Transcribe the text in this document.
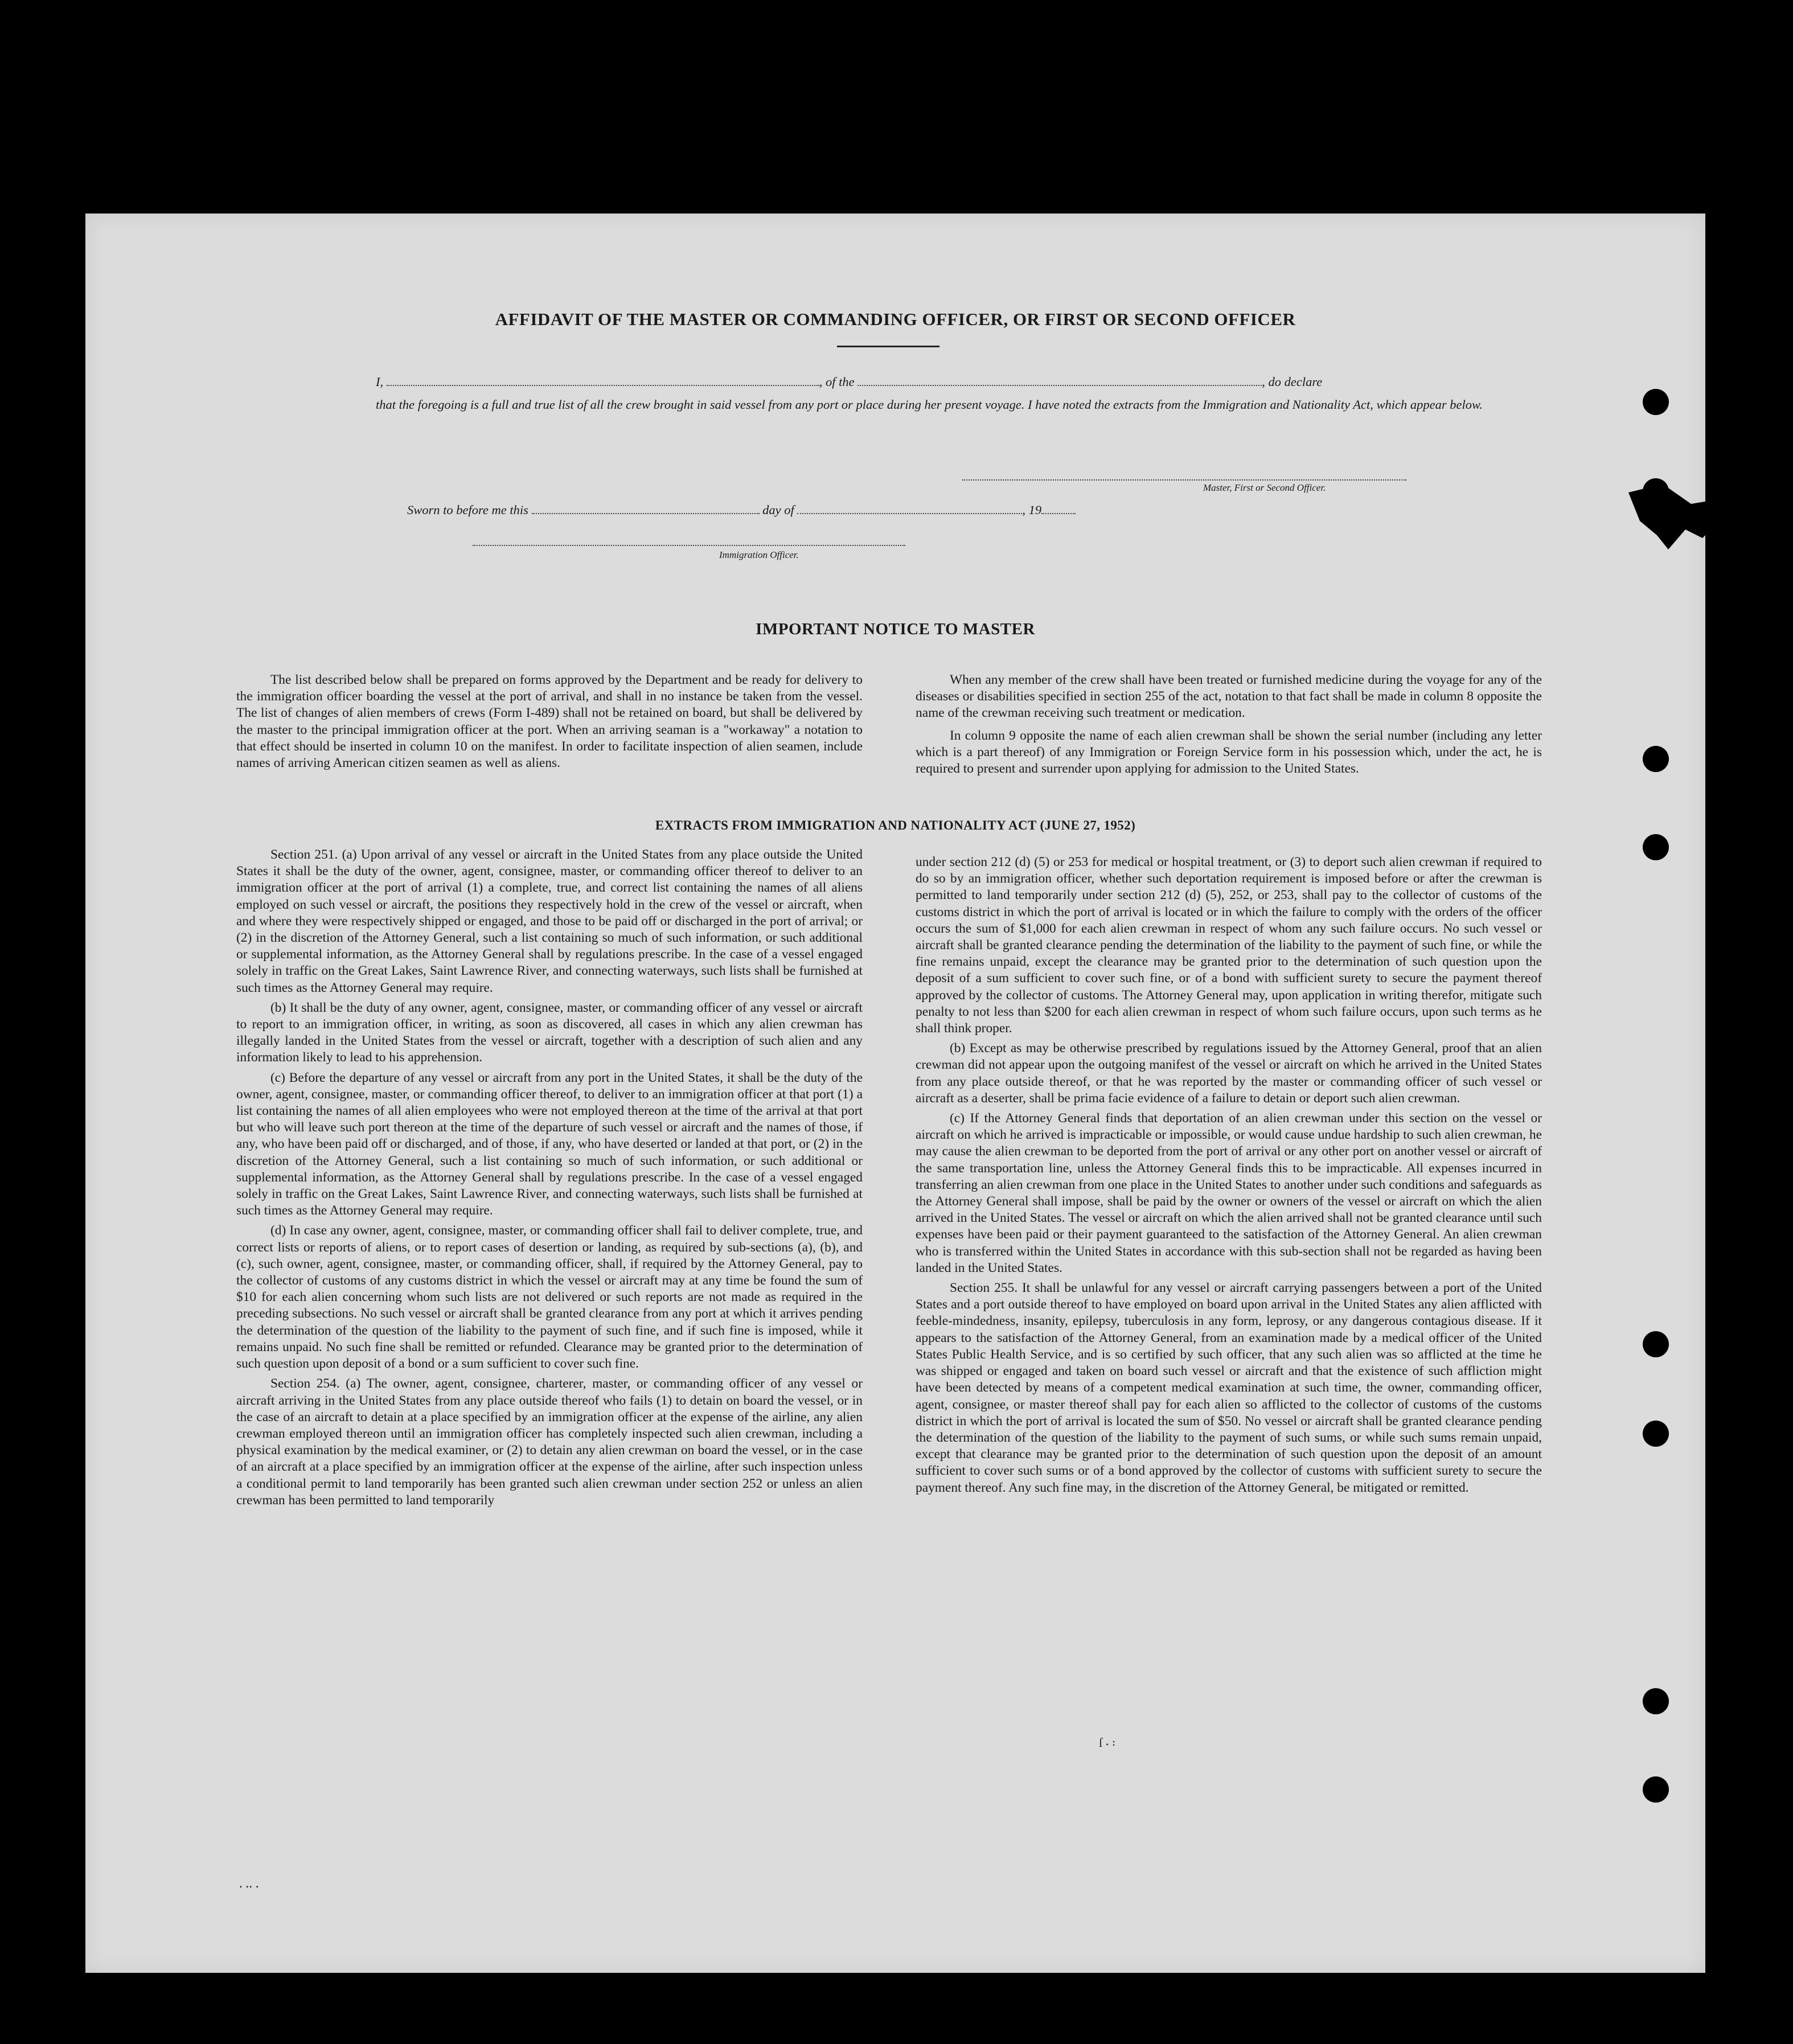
AFFIDAVIT OF THE MASTER OR COMMANDING OFFICER, OR FIRST OR SECOND OFFICER
I,	, of the	, do declare
that the foregoing is a full and true list of all the crew brought in said vessel from any port or place during her present voyage. I have noted the extracts from the Immigration and Nationality Act, which appear below.
Master, First or Second Officer.
Sworn to before me this	day of	, 19
Immigration Officer.
IMPORTANT NOTICE TO MASTER

The list described below shall be prepared on forms approved by the Department and be ready for delivery to the immigration officer boarding the vessel at the port of arrival, and shall in no instance be taken from the vessel. The list of changes of alien members of crews (Form I-489) shall not be retained on board, but shall be delivered by the master to the principal immigration officer at the port. When an arriving seaman is a "workaway" a notation to that effect should be inserted in column 10 on the manifest. In order to facilitate inspection of alien seamen, include names of arriving American citizen seamen as well as aliens.

When any member of the crew shall have been treated or furnished medicine during the voyage for any of the diseases or disabilities specified in section 255 of the act, notation to that fact shall be made in column 8 opposite the name of the crewman receiving such treatment or medication.

In column 9 opposite the name of each alien crewman shall be shown the serial number (including any letter which is a part thereof) of any Immigration or Foreign Service form in his possession which, under the act, he is required to present and surrender upon applying for admission to the United States.

EXTRACTS FROM IMMIGRATION AND NATIONALITY ACT (JUNE 27, 1952)

Section 251. (a) Upon arrival of any vessel or aircraft in the United States from any place outside the United States it shall be the duty of the owner, agent, consignee, master, or commanding officer thereof to deliver to an immigration officer at the port of arrival (1) a complete, true, and correct list containing the names of all aliens employed on such vessel or aircraft, the positions they respectively hold in the crew of the vessel or aircraft, when and where they were respectively shipped or engaged, and those to be paid off or discharged in the port of arrival; or (2) in the discretion of the Attorney General, such a list containing so much of such information, or such additional or supplemental information, as the Attorney General shall by regulations prescribe. In the case of a vessel engaged solely in traffic on the Great Lakes, Saint Lawrence River, and connecting waterways, such lists shall be furnished at such times as the Attorney General may require.

(b) It shall be the duty of any owner, agent, consignee, master, or commanding officer of any vessel or aircraft to report to an immigration officer, in writing, as soon as discovered, all cases in which any alien crewman has illegally landed in the United States from the vessel or aircraft, together with a description of such alien and any information likely to lead to his apprehension.

(c) Before the departure of any vessel or aircraft from any port in the United States, it shall be the duty of the owner, agent, consignee, master, or commanding officer thereof, to deliver to an immigration officer at that port (1) a list containing the names of all alien employees who were not employed thereon at the time of the arrival at that port but who will leave such port thereon at the time of the departure of such vessel or aircraft and the names of those, if any, who have been paid off or discharged, and of those, if any, who have deserted or landed at that port, or (2) in the discretion of the Attorney General, such a list containing so much of such information, or such additional or supplemental information, as the Attorney General shall by regulations prescribe. In the case of a vessel engaged solely in traffic on the Great Lakes, Saint Lawrence River, and connecting waterways, such lists shall be furnished at such times as the Attorney General may require.

(d) In case any owner, agent, consignee, master, or commanding officer shall fail to deliver complete, true, and correct lists or reports of aliens, or to report cases of desertion or landing, as required by sub-sections (a), (b), and (c), such owner, agent, consignee, master, or commanding officer, shall, if required by the Attorney General, pay to the collector of customs of any customs district in which the vessel or aircraft may at any time be found the sum of $10 for each alien concerning whom such lists are not delivered or such reports are not made as required in the preceding subsections. No such vessel or aircraft shall be granted clearance from any port at which it arrives pending the determination of the question of the liability to the payment of such fine, and if such fine is imposed, while it remains unpaid. No such fine shall be remitted or refunded. Clearance may be granted prior to the determination of such question upon deposit of a bond or a sum sufficient to cover such fine.

Section 254. (a) The owner, agent, consignee, charterer, master, or commanding officer of any vessel or aircraft arriving in the United States from any place outside thereof who fails (1) to detain on board the vessel, or in the case of an aircraft to detain at a place specified by an immigration officer at the expense of the airline, any alien crewman employed thereon until an immigration officer has completely inspected such alien crewman, including a physical examination by the medical examiner, or (2) to detain any alien crewman on board the vessel, or in the case of an aircraft at a place specified by an immigration officer at the expense of the airline, after such inspection unless a conditional permit to land temporarily has been granted such alien crewman under section 252 or unless an alien crewman has been permitted to land temporarily

under section 212 (d) (5) or 253 for medical or hospital treatment, or (3) to deport such alien crewman if required to do so by an immigration officer, whether such deportation requirement is imposed before or after the crewman is permitted to land temporarily under section 212 (d) (5), 252, or 253, shall pay to the collector of customs of the customs district in which the port of arrival is located or in which the failure to comply with the orders of the officer occurs the sum of $1,000 for each alien crewman in respect of whom any such failure occurs. No such vessel or aircraft shall be granted clearance pending the determination of the liability to the payment of such fine, or while the fine remains unpaid, except the clearance may be granted prior to the determination of such question upon the deposit of a sum sufficient to cover such fine, or of a bond with sufficient surety to secure the payment thereof approved by the collector of customs. The Attorney General may, upon application in writing therefor, mitigate such penalty to not less than $200 for each alien crewman in respect of whom such failure occurs, upon such terms as he shall think proper.

(b) Except as may be otherwise prescribed by regulations issued by the Attorney General, proof that an alien crewman did not appear upon the outgoing manifest of the vessel or aircraft on which he arrived in the United States from any place outside thereof, or that he was reported by the master or commanding officer of such vessel or aircraft as a deserter, shall be prima facie evidence of a failure to detain or deport such alien crewman.

(c) If the Attorney General finds that deportation of an alien crewman under this section on the vessel or aircraft on which he arrived is impracticable or impossible, or would cause undue hardship to such alien crewman, he may cause the alien crewman to be deported from the port of arrival or any other port on another vessel or aircraft of the same transportation line, unless the Attorney General finds this to be impracticable. All expenses incurred in transferring an alien crewman from one place in the United States to another under such conditions and safeguards as the Attorney General shall impose, shall be paid by the owner or owners of the vessel or aircraft on which the alien arrived in the United States. The vessel or aircraft on which the alien arrived shall not be granted clearance until such expenses have been paid or their payment guaranteed to the satisfaction of the Attorney General. An alien crewman who is transferred within the United States in accordance with this sub-section shall not be regarded as having been landed in the United States.

Section 255. It shall be unlawful for any vessel or aircraft carrying passengers between a port of the United States and a port outside thereof to have employed on board upon arrival in the United States any alien afflicted with feeble-mindedness, insanity, epilepsy, tuberculosis in any form, leprosy, or any dangerous contagious disease. If it appears to the satisfaction of the Attorney General, from an examination made by a medical officer of the United States Public Health Service, and is so certified by such officer, that any such alien was so afflicted at the time he was shipped or engaged and taken on board such vessel or aircraft and that the existence of such affliction might have been detected by means of a competent medical examination at such time, the owner, commanding officer, agent, consignee, or master thereof shall pay for each alien so afflicted to the collector of customs of the customs district in which the port of arrival is located the sum of $50. No vessel or aircraft shall be granted clearance pending the determination of the question of the liability to the payment of such sums, or while such sums remain unpaid, except that clearance may be granted prior to the determination of such question upon the deposit of an amount sufficient to cover such sums or of a bond approved by the collector of customs with sufficient surety to secure the payment thereof. Any such fine may, in the discretion of the Attorney General, be mitigated or remitted.

ſ ⸳ ꞉
⸳ ⸳⸳ ⸳
